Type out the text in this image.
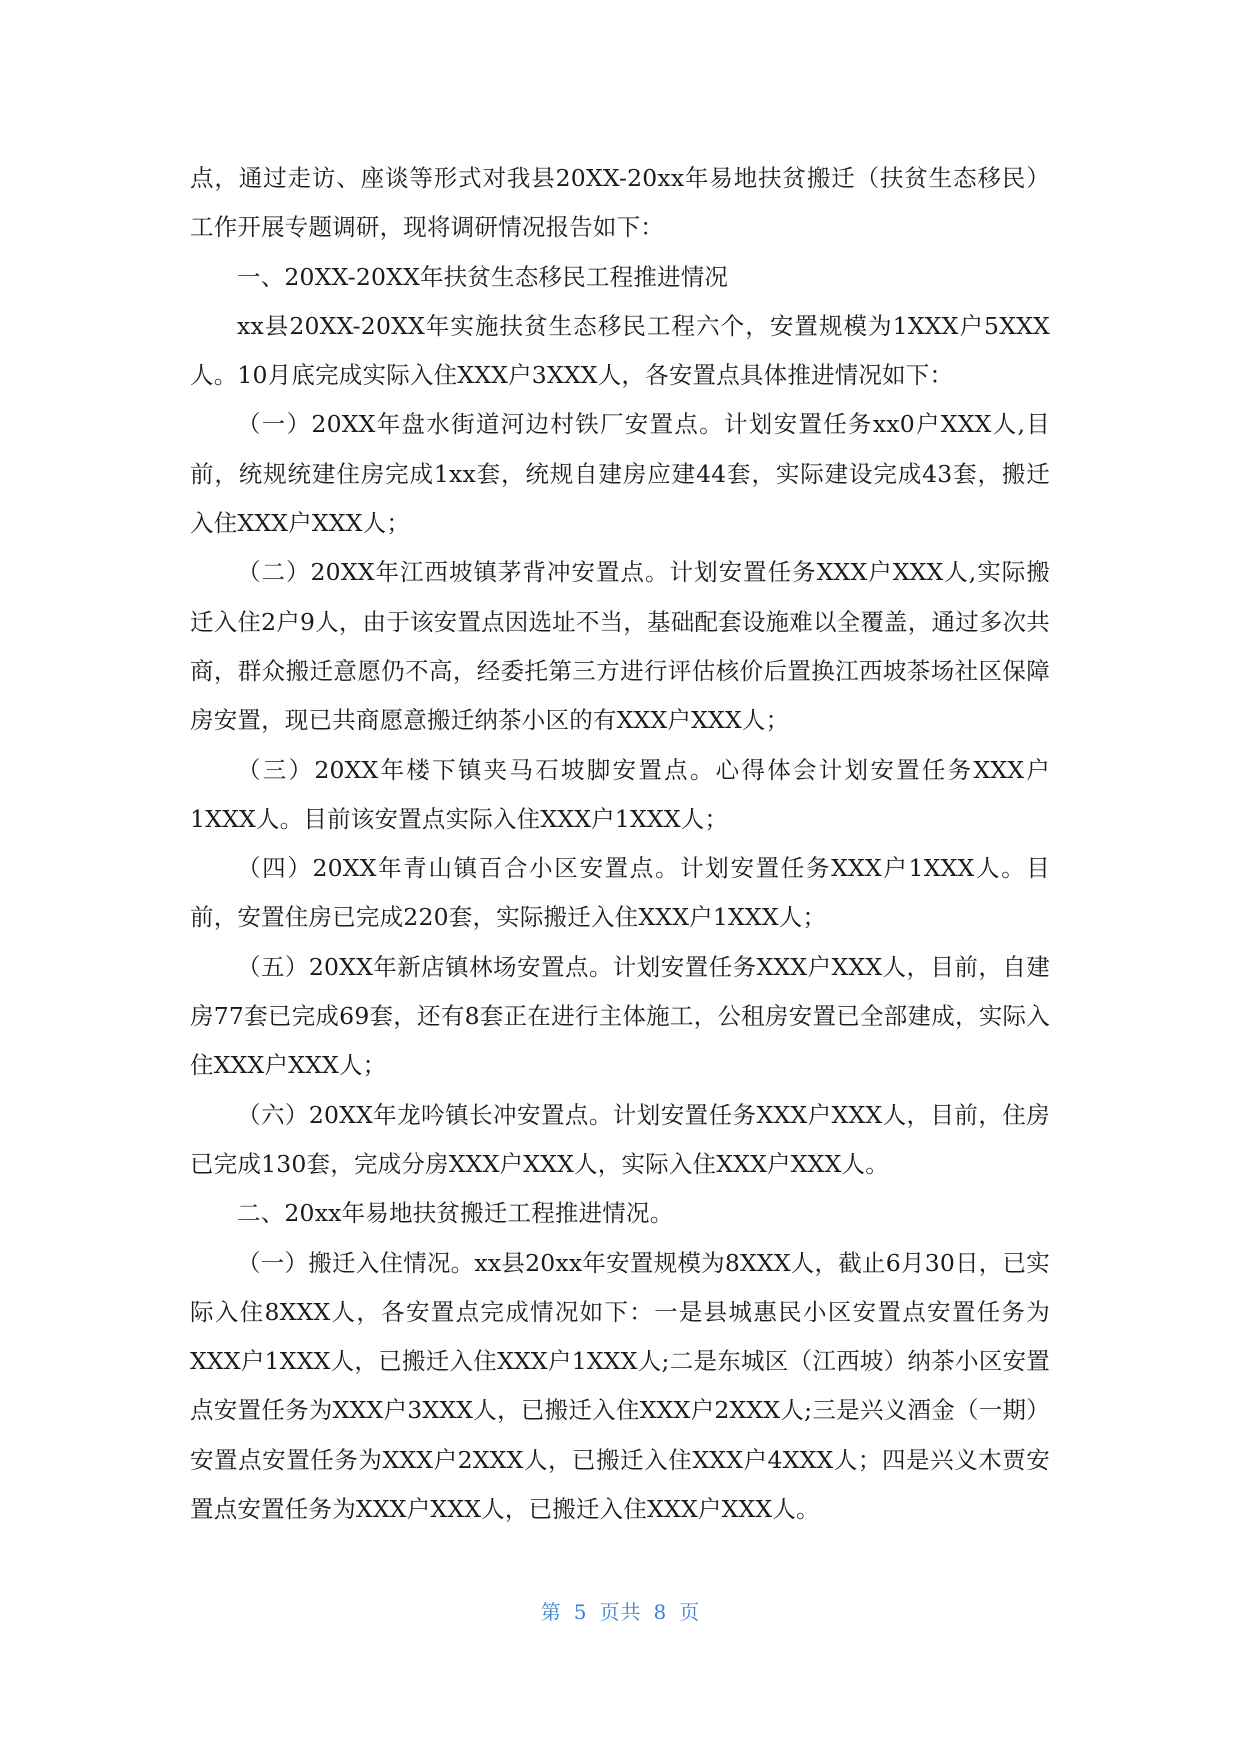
点，通过走访、座谈等形式对我县20XX-20xx年易地扶贫搬迁（扶贫生态移民）工作开展专题调研，现将调研情况报告如下：

一、20XX-20XX年扶贫生态移民工程推进情况

xx县20XX-20XX年实施扶贫生态移民工程六个，安置规模为1XXX户5XXX人。10月底完成实际入住XXX户3XXX人，各安置点具体推进情况如下：

（一）20XX年盘水街道河边村铁厂安置点。计划安置任务xx0户XXX人,目前，统规统建住房完成1xx套，统规自建房应建44套，实际建设完成43套，搬迁入住XXX户XXX人；

（二）20XX年江西坡镇茅背冲安置点。计划安置任务XXX户XXX人,实际搬迁入住2户9人，由于该安置点因选址不当，基础配套设施难以全覆盖，通过多次共商，群众搬迁意愿仍不高，经委托第三方进行评估核价后置换江西坡茶场社区保障房安置，现已共商愿意搬迁纳茶小区的有XXX户XXX人；

（三）20XX年楼下镇夹马石坡脚安置点。心得体会计划安置任务XXX户1XXX人。目前该安置点实际入住XXX户1XXX人；

（四）20XX年青山镇百合小区安置点。计划安置任务XXX户1XXX人。目前，安置住房已完成220套，实际搬迁入住XXX户1XXX人；

（五）20XX年新店镇林场安置点。计划安置任务XXX户XXX人，目前，自建房77套已完成69套，还有8套正在进行主体施工，公租房安置已全部建成，实际入住XXX户XXX人；

（六）20XX年龙吟镇长冲安置点。计划安置任务XXX户XXX人，目前，住房已完成130套，完成分房XXX户XXX人，实际入住XXX户XXX人。

二、20xx年易地扶贫搬迁工程推进情况。

（一）搬迁入住情况。xx县20xx年安置规模为8XXX人，截止6月30日，已实际入住8XXX人，各安置点完成情况如下：一是县城惠民小区安置点安置任务为XXX户1XXX人，已搬迁入住XXX户1XXX人;二是东城区（江西坡）纳茶小区安置点安置任务为XXX户3XXX人，已搬迁入住XXX户2XXX人;三是兴义酒金（一期）安置点安置任务为XXX户2XXX人，已搬迁入住XXX户4XXX人；四是兴义木贾安置点安置任务为XXX户XXX人，已搬迁入住XXX户XXX人。

第 5 页共 8 页
